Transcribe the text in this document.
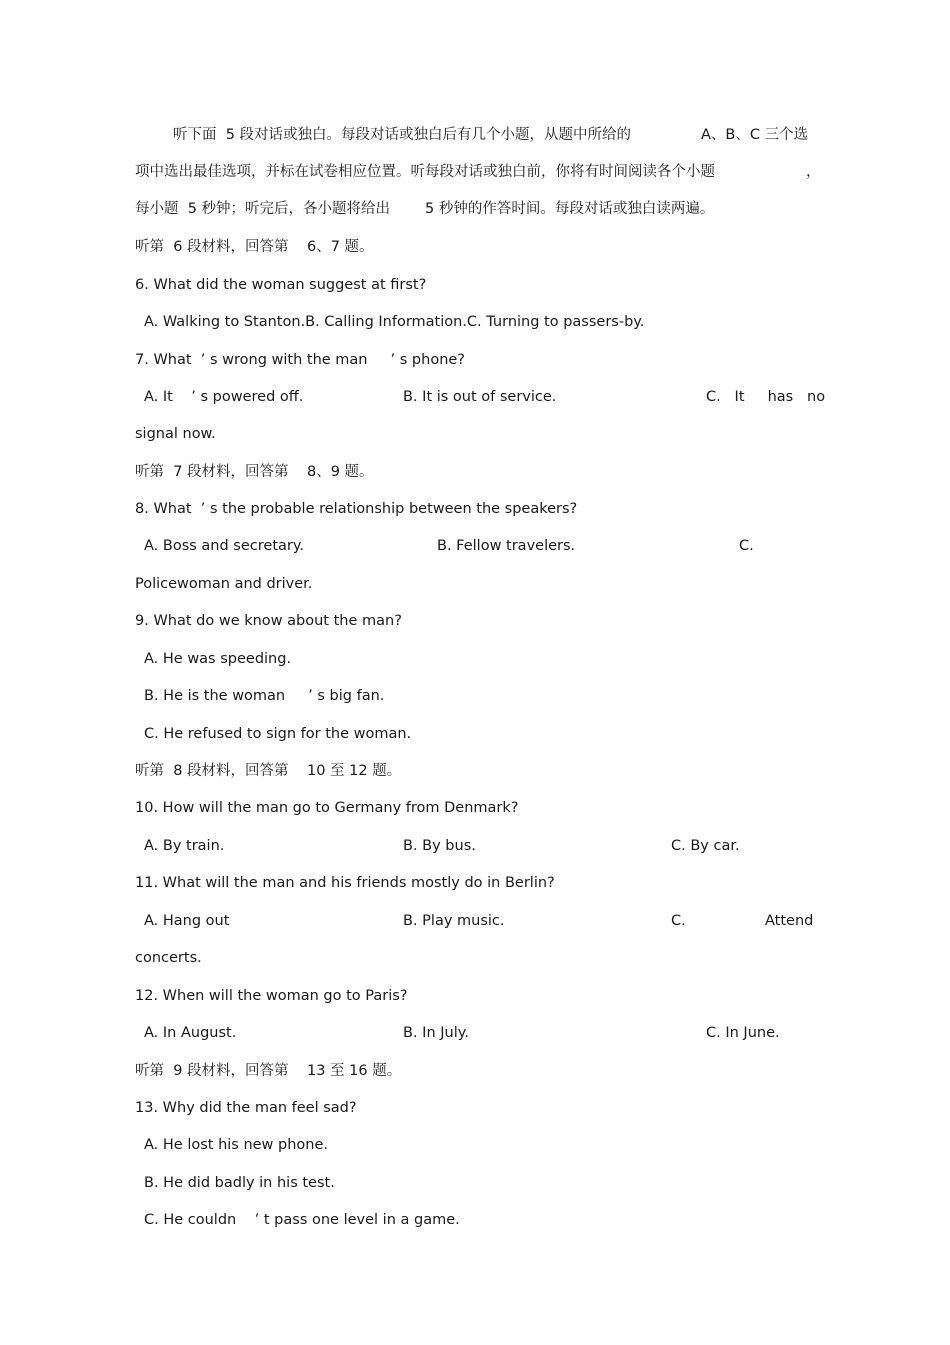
听下面  5 段对话或独白。每段对话或独白后有几个小题，从题中所给的	A、B、C 三个选
项中选出最佳选项，并标在试卷相应位置。听每段对话或独白前，你将有时间阅读各个小题	，
每小题  5 秒钟；听完后，各小题将给出 5 秒钟的作答时间。每段对话或独白读两遍。
听第  6 段材料，回答第    6、7 题。
6. What did the woman suggest at first?
A. Walking to Stanton.B. Calling Information.C. Turning to passers-by.
7. What  ’ s wrong with the man     ’ s phone?
A. It    ’ s powered off.	B. It is out of service.	C.   It     has   no
signal now.
听第  7 段材料，回答第    8、9 题。
8. What  ’ s the probable relationship between the speakers?
A. Boss and secretary.	B. Fellow travelers.	C.
Policewoman and driver.
9. What do we know about the man?
A. He was speeding.
B. He is the woman     ’ s big fan.
C. He refused to sign for the woman.
听第  8 段材料，回答第    10 至 12 题。
10. How will the man go to Germany from Denmark?
A. By train.	B. By bus.	C. By car.
11. What will the man and his friends mostly do in Berlin?
A. Hang out	B. Play music.	C.	Attend
concerts.
12. When will the woman go to Paris?
A. In August.	B. In July.	C. In June.
听第  9 段材料，回答第    13 至 16 题。
13. Why did the man feel sad?
A. He lost his new phone.
B. He did badly in his test.
C. He couldn    ’ t pass one level in a game.
